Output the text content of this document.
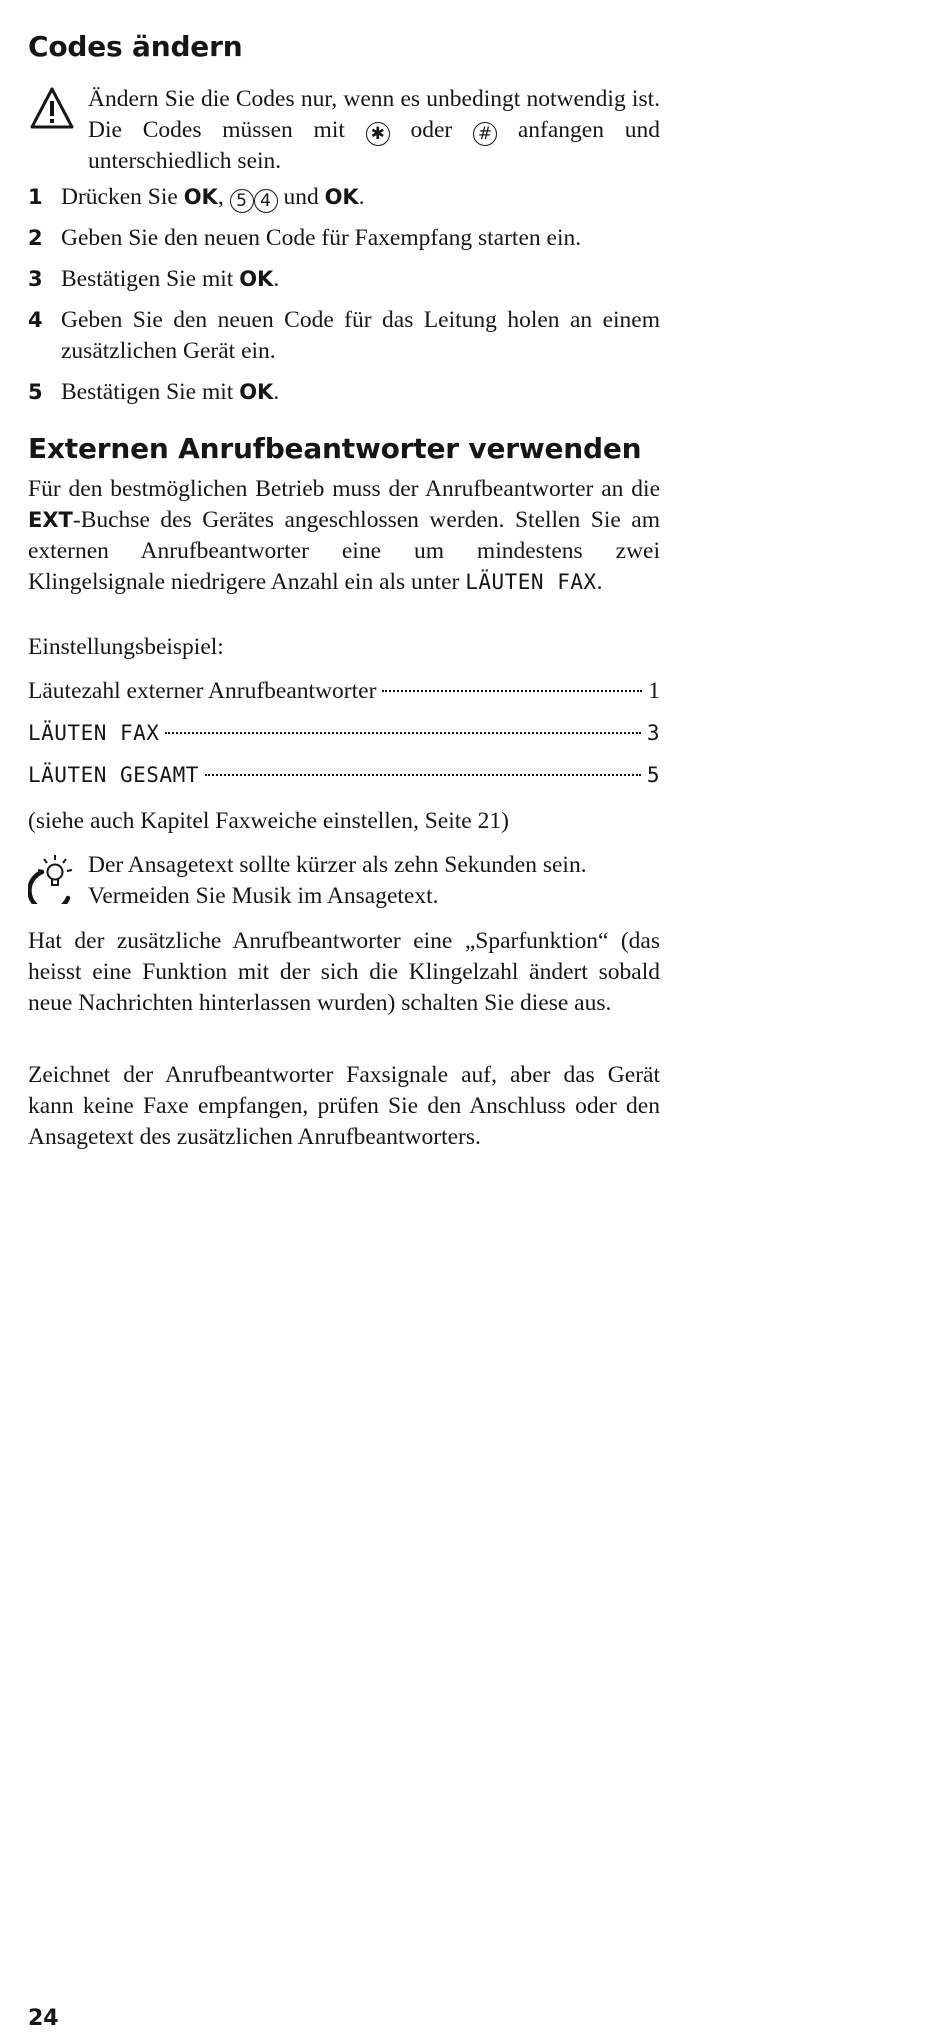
Codes ändern
Ändern Sie die Codes nur, wenn es unbedingt notwendig ist. Die Codes müssen mit ✱ oder # anfangen und unterschiedlich sein.
1 Drücken Sie OK, 5 4 und OK.
2 Geben Sie den neuen Code für Faxempfang starten ein.
3 Bestätigen Sie mit OK.
4 Geben Sie den neuen Code für das Leitung holen an einem zusätzlichen Gerät ein.
5 Bestätigen Sie mit OK.
Externen Anrufbeantworter verwenden

Für den bestmöglichen Betrieb muss der Anrufbeantworter an die EXT-Buchse des Gerätes angeschlossen werden. Stellen Sie am externen Anrufbeantworter eine um mindestens zwei Klingelsignale niedrigere Anzahl ein als unter LÄUTEN FAX.

Einstellungsbeispiel:
Läutezahl externer Anrufbeantworter	1
LÄUTEN FAX	3
LÄUTEN GESAMT	5
(siehe auch Kapitel Faxweiche einstellen, Seite 21)
Der Ansagetext sollte kürzer als zehn Sekunden sein. Vermeiden Sie Musik im Ansagetext.

Hat der zusätzliche Anrufbeantworter eine „Sparfunktion“ (das heisst eine Funktion mit der sich die Klingelzahl ändert sobald neue Nachrichten hinterlassen wurden) schalten Sie diese aus.

Zeichnet der Anrufbeantworter Faxsignale auf, aber das Gerät kann keine Faxe empfangen, prüfen Sie den Anschluss oder den Ansagetext des zusätzlichen Anrufbeantworters.

24
